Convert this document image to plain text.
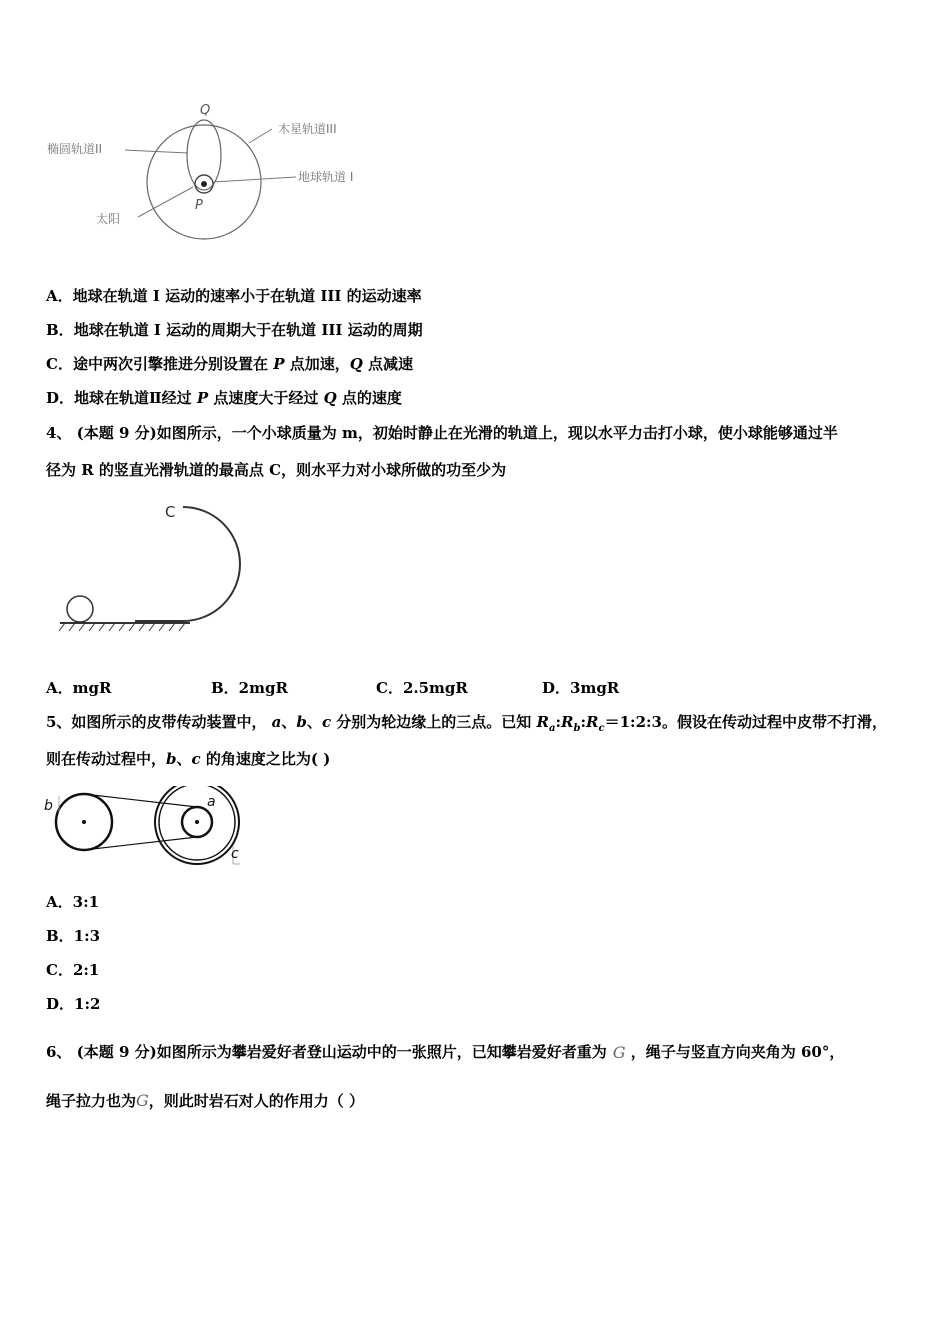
Q
P
木星轨道III
椭圆轨道II
地球轨道 I
太阳
A．地球在轨道 I 运动的速率小于在轨道 III 的运动速率
B．地球在轨道 I 运动的周期大于在轨道 III 运动的周期
C．途中两次引擎推进分别设置在 P 点加速，Q 点减速
D．地球在轨道Ⅱ经过 P 点速度大于经过 Q 点的速度
4、 (本题 9 分)如图所示，一个小球质量为 m，初始时静止在光滑的轨道上，现以水平力击打小球，使小球能够通过半
径为 R 的竖直光滑轨道的最高点 C，则水平力对小球所做的功至少为
C
A．mgR	B．2mgR	C．2.5mgR	D．3mgR
5、如图所示的皮带传动装置中， a、b、c 分别为轮边缘上的三点。已知 $R_a:R_b:R_c=1:2:3$。假设在传动过程中皮带不打滑，
则在传动过程中，b、c 的角速度之比为( )
b	a
c
A．3:1
B．1:3
C．2:1
D．1:2
6、 (本题 9 分)如图所示为攀岩爱好者登山运动中的一张照片，已知攀岩爱好者重为 G ，绳子与竖直方向夹角为 60°，
绳子拉力也为G，则此时岩石对人的作用力（ ）
